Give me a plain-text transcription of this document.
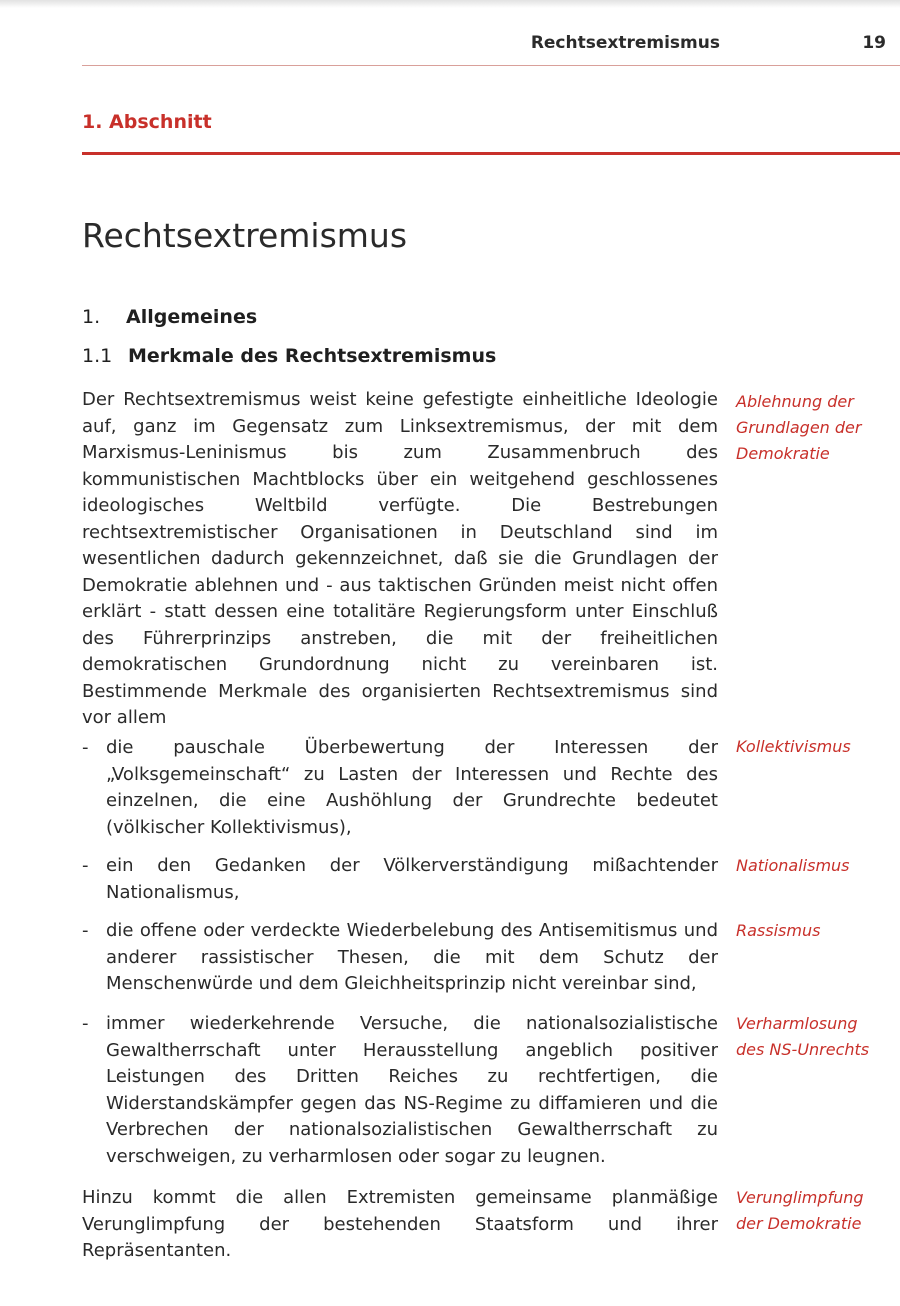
Rechtsextremismus	19
1. Abschnitt
Rechtsextremismus
1. Allgemeines
1.1 Merkmale des Rechtsextremismus

Der Rechtsextremismus weist keine gefestigte einheitliche Ideologie auf, ganz im Gegensatz zum Linksextremismus, der mit dem Marxismus-Leninismus bis zum Zusammenbruch des kommunistischen Machtblocks über ein weitgehend geschlossenes ideologisches Weltbild verfügte. Die Bestrebungen rechtsextremistischer Organisationen in Deutschland sind im wesentlichen dadurch gekennzeichnet, daß sie die Grundlagen der Demokratie ablehnen und - aus taktischen Gründen meist nicht offen erklärt - statt dessen eine totalitäre Regierungsform unter Einschluß des Führerprinzips anstreben, die mit der freiheitlichen demokratischen Grundordnung nicht zu vereinbaren ist. Bestimmende Merkmale des organisierten Rechtsextremismus sind vor allem

- die pauschale Überbewertung der Interessen der „Volksgemeinschaft“ zu Lasten der Interessen und Rechte des einzelnen, die eine Aushöhlung der Grundrechte bedeutet (völkischer Kollektivismus),

- ein den Gedanken der Völkerverständigung mißachtender Nationalismus,

- die offene oder verdeckte Wiederbelebung des Antisemitismus und anderer rassistischer Thesen, die mit dem Schutz der Menschenwürde und dem Gleichheitsprinzip nicht vereinbar sind,

- immer wiederkehrende Versuche, die nationalsozialistische Gewaltherrschaft unter Herausstellung angeblich positiver Leistungen des Dritten Reiches zu rechtfertigen, die Widerstandskämpfer gegen das NS-Regime zu diffamieren und die Verbrechen der nationalsozialistischen Gewaltherrschaft zu verschweigen, zu verharmlosen oder sogar zu leugnen.

Hinzu kommt die allen Extremisten gemeinsame planmäßige Verunglimpfung der bestehenden Staatsform und ihrer Repräsentanten.

Ablehnung der
Grundlagen der
Demokratie
Kollektivismus
Nationalismus
Rassismus
Verharmlosung
des NS-Unrechts
Verunglimpfung
der Demokratie
